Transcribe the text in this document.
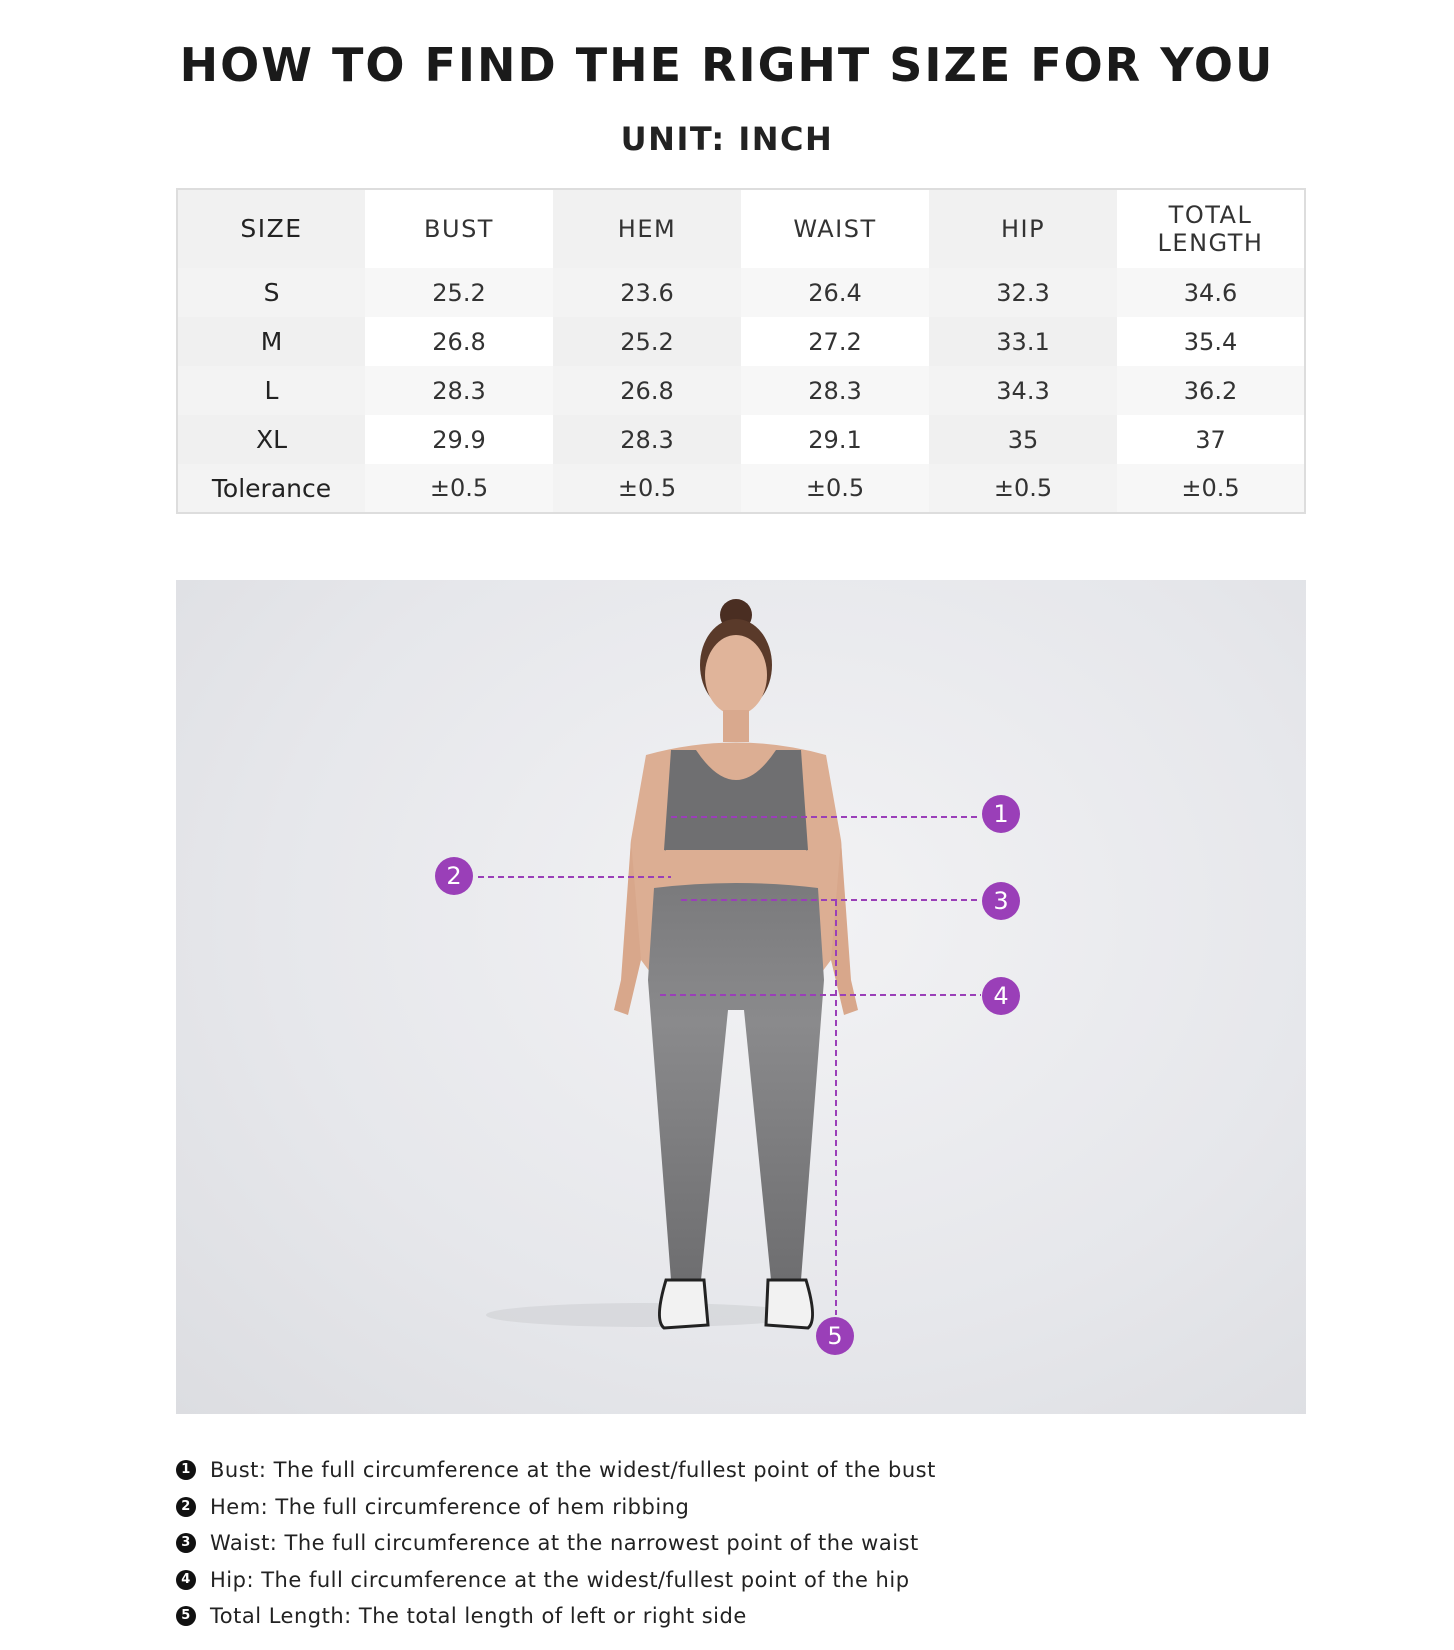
HOW TO FIND THE RIGHT SIZE FOR YOU
UNIT: INCH
SIZE	BUST	HEM	WAIST	HIP	TOTAL LENGTH
S	25.2	23.6	26.4	32.3	34.6
M	26.8	25.2	27.2	33.1	35.4
L	28.3	26.8	28.3	34.3	36.2
XL	29.9	28.3	29.1	35	37
Tolerance	±0.5	±0.5	±0.5	±0.5	±0.5
1
2
3
4
5
1 Bust: The full circumference at the widest/fullest point of the bust
2 Hem: The full circumference of hem ribbing
3 Waist: The full circumference at the narrowest point of the waist
4 Hip: The full circumference at the widest/fullest point of the hip
5 Total Length: The total length of left or right side
